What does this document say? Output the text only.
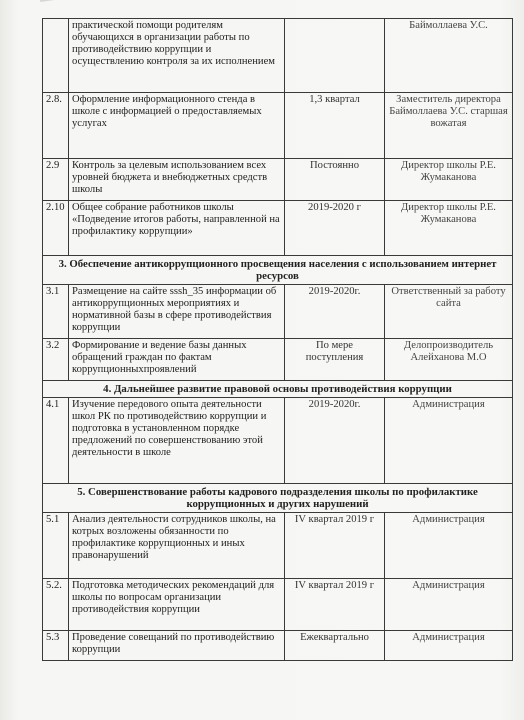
	практической помощи родителям обучающихся в организации работы по противодействию коррупции и осуществлению контроля за их исполнением		Баймоллаева У.С.
2.8.	Оформление информационного стенда в школе с информацией о предоставляемых услугах	1,3 квартал	Заместитель директора Баймоллаева У.С. старшая вожатая
2.9	Контроль за целевым использованием всех уровней бюджета и внебюджетных средств школы	Постоянно	Директор школы Р.Е. Жумаканова
2.10	Общее собрание работников школы «Подведение итогов работы, направленной на профилактику коррупции»	2019-2020 г	Директор школы Р.Е. Жумаканова
3. Обеспечение антикоррупционного просвещения населения с использованием интернет ресурсов			
3.1	Размещение на сайте sssh_35 информации об антикоррупционных мероприятиях и нормативной базы в сфере противодействия коррупции	2019-2020г.	Ответственный за работу сайта
3.2	Формирование и ведение базы данных обращений граждан по фактам коррупционныхпроявлений	По мере поступления	Делопроизводитель Алейханова М.О
4. Дальнейшее развитие правовой основы противодействия коррупции			
4.1	Изучение передового опыта деятельности школ РК по противодействию коррупции и подготовка в установленном порядке предложений по совершенствованию этой деятельности в школе	2019-2020г.	Администрация
5. Совершенствование работы кадрового подразделения школы по профилактике коррупционных и других нарушений			
5.1	Анализ деятельности сотрудников школы, на котрых возложены обязанности по профилактике коррупционных и иных правонарушений	IV квартал 2019 г	Администрация
5.2.	Подготовка методических рекомендаций для школы по вопросам организации противодействия коррупции	IV квартал 2019 г	Администрация
5.3	Проведение совещаний по противодействию коррупции	Ежеквартально	Администрация
